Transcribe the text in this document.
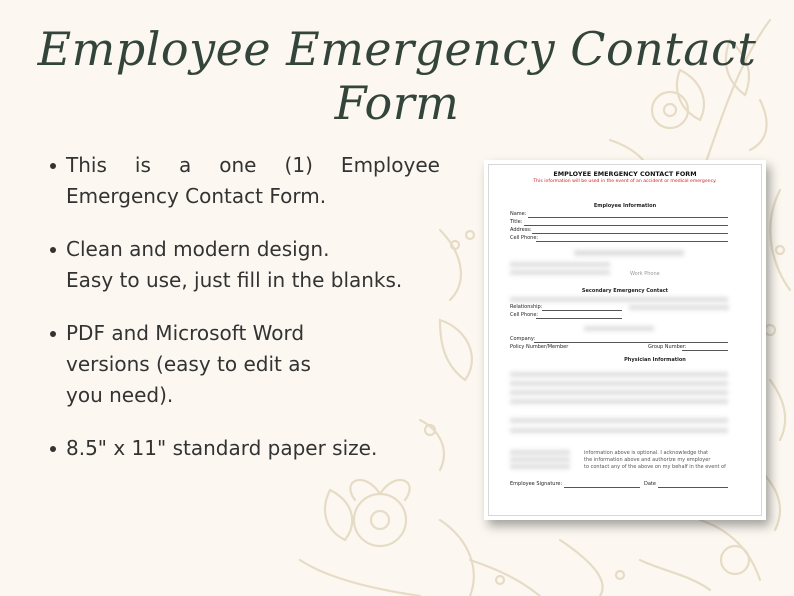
Employee Emergency Contact Form
This is a one (1) Employee
Emergency Contact Form.
Clean and modern design.
Easy to use, just fill in the blanks.
PDF and Microsoft Word
versions (easy to edit as
you need).
8.5" x 11" standard paper size.
EMPLOYEE EMERGENCY CONTACT FORM
This information will be used in the event of an accident or medical emergency.
Employee Information
Name:
Title:
Address:
Cell Phone:
Work Phone
Secondary Emergency Contact
Relationship:
Cell Phone:
Company:
Policy Number/Member	Group Number:
Physician Information
information above is optional. I acknowledge that
the information above and authorize my employer
to contact any of the above on my behalf in the event of
Employee Signature:	Date
